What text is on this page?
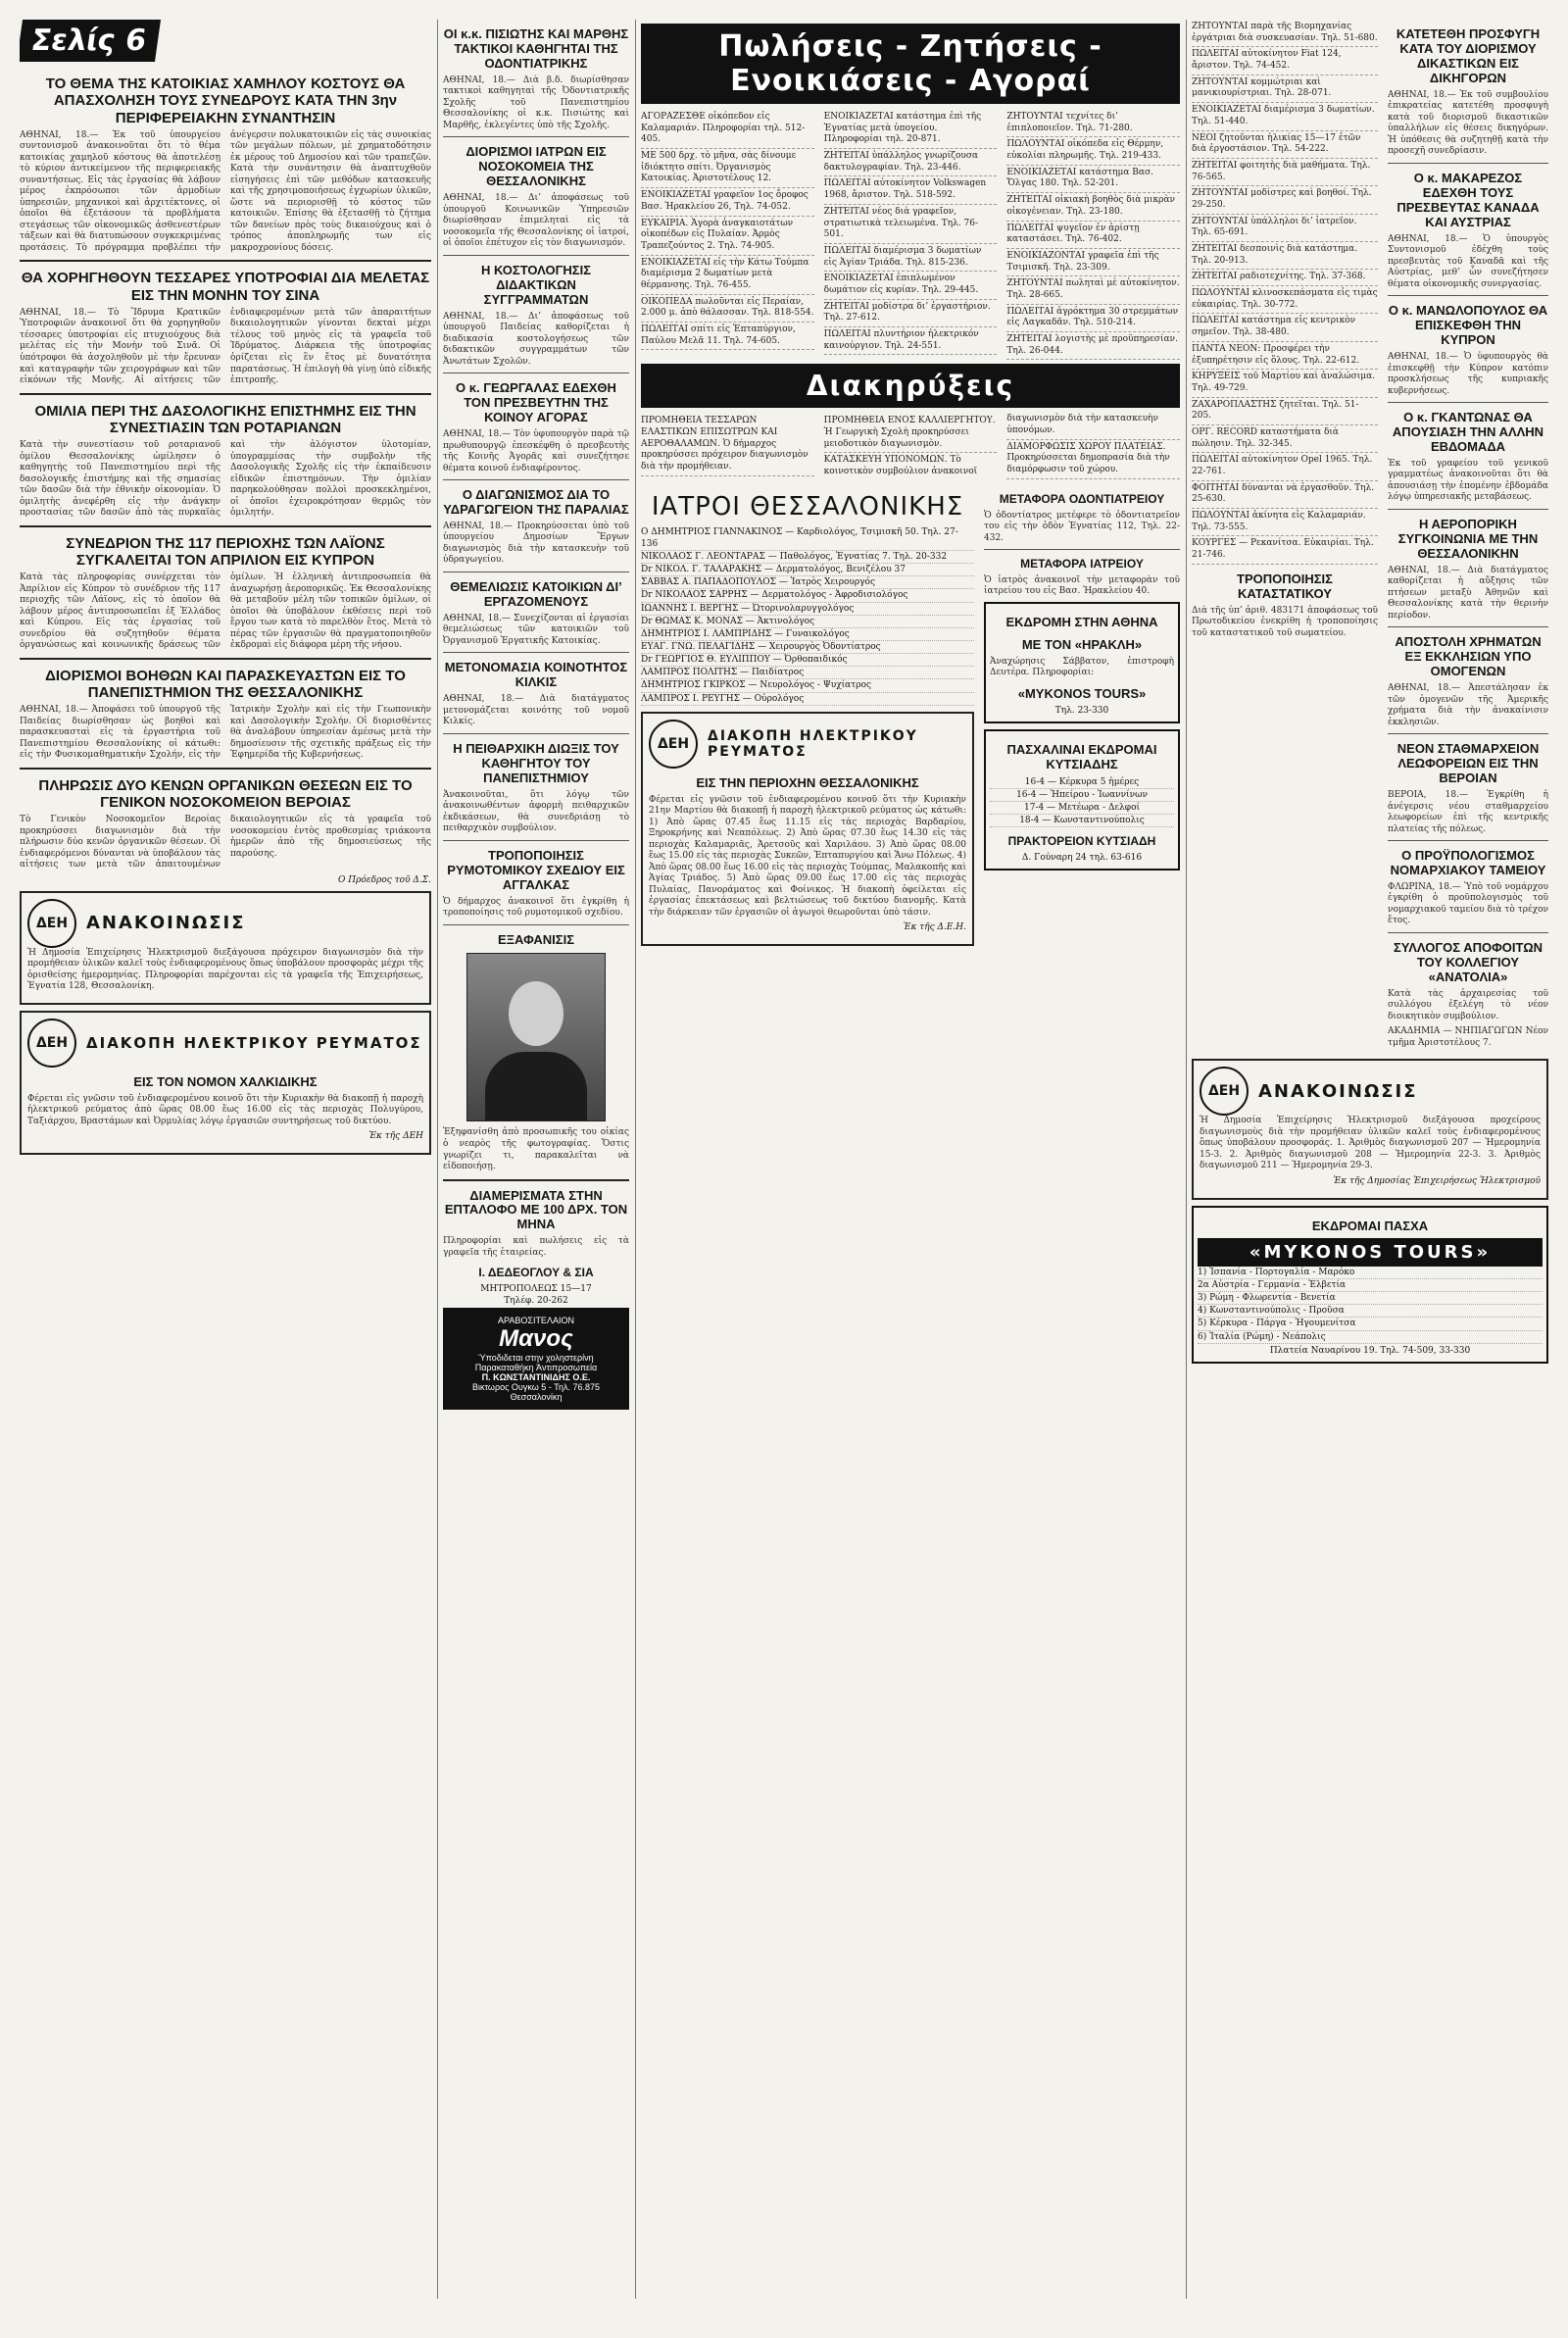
Σελίς 6
ΤΟ ΘΕΜΑ ΤΗΣ ΚΑΤΟΙΚΙΑΣ ΧΑΜΗΛΟΥ ΚΟΣΤΟΥΣ ΘΑ ΑΠΑΣΧΟΛΗΣΗ ΤΟΥΣ ΣΥΝΕΔΡΟΥΣ ΚΑΤΑ ΤΗΝ 3ην ΠΕΡΙΦΕΡΕΙΑΚΗΝ ΣΥΝΑΝΤΗΣΙΝ

ΑΘΗΝΑΙ, 18.— Ἐκ τοῦ ὑπουργείου συντονισμοῦ ἀνακοινοῦται ὅτι τὸ θέμα κατοικίας χαμηλοῦ κόστους θὰ ἀποτελέσῃ τὸ κύριον ἀντικείμενον τῆς περιφερειακῆς συναντήσεως. Εἰς τὰς ἐργασίας θὰ λάβουν μέρος ἐκπρόσωποι τῶν ἀρμοδίων ὑπηρεσιῶν, μηχανικοὶ καὶ ἀρχιτέκτονες, οἱ ὁποῖοι θὰ ἐξετάσουν τὰ προβλήματα στεγάσεως τῶν οἰκονομικῶς ἀσθενεστέρων τάξεων καὶ θὰ διατυπώσουν συγκεκριμένας προτάσεις. Τὸ πρόγραμμα προβλέπει τὴν ἀνέγερσιν πολυκατοικιῶν εἰς τὰς συνοικίας τῶν μεγάλων πόλεων, μὲ χρηματοδότησιν ἐκ μέρους τοῦ Δημοσίου καὶ τῶν τραπεζῶν. Κατὰ τὴν συνάντησιν θὰ ἀναπτυχθοῦν εἰσηγήσεις ἐπὶ τῶν μεθόδων κατασκευῆς καὶ τῆς χρησιμοποιήσεως ἐγχωρίων ὑλικῶν, ὥστε νὰ περιορισθῇ τὸ κόστος τῶν κατοικιῶν. Ἐπίσης θὰ ἐξετασθῇ τὸ ζήτημα τῶν δανείων πρὸς τοὺς δικαιούχους καὶ ὁ τρόπος ἀποπληρωμῆς των εἰς μακροχρονίους δόσεις.

ΘΑ ΧΟΡΗΓΗΘΟΥΝ ΤΕΣΣΑΡΕΣ ΥΠΟΤΡΟΦΙΑΙ ΔΙΑ ΜΕΛΕΤΑΣ ΕΙΣ ΤΗΝ ΜΟΝΗΝ ΤΟΥ ΣΙΝΑ

ΑΘΗΝΑΙ, 18.— Τὸ Ἵδρυμα Κρατικῶν Ὑποτροφιῶν ἀνακοινοῖ ὅτι θὰ χορηγηθοῦν τέσσαρες ὑποτροφίαι εἰς πτυχιούχους διὰ μελέτας εἰς τὴν Μονὴν τοῦ Σινᾶ. Οἱ ὑπότροφοι θὰ ἀσχοληθοῦν μὲ τὴν ἔρευναν καὶ καταγραφὴν τῶν χειρογράφων καὶ τῶν εἰκόνων τῆς Μονῆς. Αἱ αἰτήσεις τῶν ἐνδιαφερομένων μετὰ τῶν ἀπαραιτήτων δικαιολογητικῶν γίνονται δεκταὶ μέχρι τέλους τοῦ μηνὸς εἰς τὰ γραφεῖα τοῦ Ἱδρύματος. Διάρκεια τῆς ὑποτροφίας ὁρίζεται εἰς ἓν ἔτος μὲ δυνατότητα παρατάσεως. Ἡ ἐπιλογὴ θὰ γίνῃ ὑπὸ εἰδικῆς ἐπιτροπῆς.

ΟΜΙΛΙΑ ΠΕΡΙ ΤΗΣ ΔΑΣΟΛΟΓΙΚΗΣ ΕΠΙΣΤΗΜΗΣ ΕΙΣ ΤΗΝ ΣΥΝΕΣΤΙΑΣΙΝ ΤΩΝ ΡΟΤΑΡΙΑΝΩΝ

Κατὰ τὴν συνεστίασιν τοῦ ροταριανοῦ ὁμίλου Θεσσαλονίκης ὡμίλησεν ὁ καθηγητὴς τοῦ Πανεπιστημίου περὶ τῆς δασολογικῆς ἐπιστήμης καὶ τῆς σημασίας τῶν δασῶν διὰ τὴν ἐθνικὴν οἰκονομίαν. Ὁ ὁμιλητὴς ἀνεφέρθη εἰς τὴν ἀνάγκην προστασίας τῶν δασῶν ἀπὸ τὰς πυρκαϊὰς καὶ τὴν ἀλόγιστον ὑλοτομίαν, ὑπογραμμίσας τὴν συμβολὴν τῆς Δασολογικῆς Σχολῆς εἰς τὴν ἐκπαίδευσιν εἰδικῶν ἐπιστημόνων. Τὴν ὁμιλίαν παρηκολούθησαν πολλοὶ προσκεκλημένοι, οἱ ὁποῖοι ἐχειροκρότησαν θερμῶς τὸν ὁμιλητήν.

ΣΥΝΕΔΡΙΟΝ ΤΗΣ 117 ΠΕΡΙΟΧΗΣ ΤΩΝ ΛΑΪΟΝΣ ΣΥΓΚΑΛΕΙΤΑΙ ΤΟΝ ΑΠΡΙΛΙΟΝ ΕΙΣ ΚΥΠΡΟΝ

Κατὰ τὰς πληροφορίας συνέρχεται τὸν Ἀπρίλιον εἰς Κύπρον τὸ συνέδριον τῆς 117 περιοχῆς τῶν Λάϊονς, εἰς τὸ ὁποῖον θὰ λάβουν μέρος ἀντιπροσωπεῖαι ἐξ Ἑλλάδος καὶ Κύπρου. Εἰς τὰς ἐργασίας τοῦ συνεδρίου θὰ συζητηθοῦν θέματα ὀργανώσεως καὶ κοινωνικῆς δράσεως τῶν ὁμίλων. Ἡ ἑλληνικὴ ἀντιπροσωπεία θὰ ἀναχωρήσῃ ἀεροπορικῶς. Ἐκ Θεσσαλονίκης θὰ μεταβοῦν μέλη τῶν τοπικῶν ὁμίλων, οἱ ὁποῖοι θὰ ὑποβάλουν ἐκθέσεις περὶ τοῦ ἔργου των κατὰ τὸ παρελθὸν ἔτος. Μετὰ τὸ πέρας τῶν ἐργασιῶν θὰ πραγματοποιηθοῦν ἐκδρομαὶ εἰς διάφορα μέρη τῆς νήσου.

ΔΙΟΡΙΣΜΟΙ ΒΟΗΘΩΝ ΚΑΙ ΠΑΡΑΣΚΕΥΑΣΤΩΝ ΕΙΣ ΤΟ ΠΑΝΕΠΙΣΤΗΜΙΟΝ ΤΗΣ ΘΕΣΣΑΛΟΝΙΚΗΣ

ΑΘΗΝΑΙ, 18.— Ἀποφάσει τοῦ ὑπουργοῦ τῆς Παιδείας διωρίσθησαν ὡς βοηθοὶ καὶ παρασκευασταὶ εἰς τὰ ἐργαστήρια τοῦ Πανεπιστημίου Θεσσαλονίκης οἱ κάτωθι: εἰς τὴν Φυσικομαθηματικὴν Σχολήν, εἰς τὴν Ἰατρικὴν Σχολὴν καὶ εἰς τὴν Γεωπονικὴν καὶ Δασολογικὴν Σχολήν. Οἱ διορισθέντες θὰ ἀναλάβουν ὑπηρεσίαν ἀμέσως μετὰ τὴν δημοσίευσιν τῆς σχετικῆς πράξεως εἰς τὴν Ἐφημερίδα τῆς Κυβερνήσεως.

ΠΛΗΡΩΣΙΣ ΔΥΟ ΚΕΝΩΝ ΟΡΓΑΝΙΚΩΝ ΘΕΣΕΩΝ ΕΙΣ ΤΟ ΓΕΝΙΚΟΝ ΝΟΣΟΚΟΜΕΙΟΝ ΒΕΡΟΙΑΣ

Τὸ Γενικὸν Νοσοκομεῖον Βεροίας προκηρύσσει διαγωνισμὸν διὰ τὴν πλήρωσιν δύο κενῶν ὀργανικῶν θέσεων. Οἱ ἐνδιαφερόμενοι δύνανται νὰ ὑποβάλουν τὰς αἰτήσεις των μετὰ τῶν ἀπαιτουμένων δικαιολογητικῶν εἰς τὰ γραφεῖα τοῦ νοσοκομείου ἐντὸς προθεσμίας τριάκοντα ἡμερῶν ἀπὸ τῆς δημοσιεύσεως τῆς παρούσης.

Ο Πρόεδρος τοῦ Δ.Σ.
ΔΕΗ	ΑΝΑΚΟΙΝΩΣΙΣ

Ἡ Δημοσία Ἐπιχείρησις Ἠλεκτρισμοῦ διεξάγουσα πρόχειρον διαγωνισμὸν διὰ τὴν προμήθειαν ὑλικῶν καλεῖ τοὺς ἐνδιαφερομένους ὅπως ὑποβάλουν προσφορὰς μέχρι τῆς ὁρισθείσης ἡμερομηνίας. Πληροφορίαι παρέχονται εἰς τὰ γραφεῖα τῆς Ἐπιχειρήσεως, Ἐγνατία 128, Θεσσαλονίκη.

ΔΕΗ	ΔΙΑΚΟΠΗ ΗΛΕΚΤΡΙΚΟΥ ΡΕΥΜΑΤΟΣ
ΕΙΣ ΤΟΝ ΝΟΜΟΝ ΧΑΛΚΙΔΙΚΗΣ

Φέρεται εἰς γνῶσιν τοῦ ἐνδιαφερομένου κοινοῦ ὅτι τὴν Κυριακὴν θὰ διακοπῇ ἡ παροχὴ ἠλεκτρικοῦ ρεύματος ἀπὸ ὥρας 08.00 ἕως 16.00 εἰς τὰς περιοχὰς Πολυγύρου, Ταξιάρχου, Βραστάμων καὶ Ὀρμυλίας λόγῳ ἐργασιῶν συντηρήσεως τοῦ δικτύου.

Ἐκ τῆς ΔΕΗ
ΟΙ κ.κ. ΠΙΣΙΩΤΗΣ ΚΑΙ ΜΑΡΘΗΣ ΤΑΚΤΙΚΟΙ ΚΑΘΗΓΗΤΑΙ ΤΗΣ ΟΔΟΝΤΙΑΤΡΙΚΗΣ

ΑΘΗΝΑΙ, 18.— Διὰ β.δ. διωρίσθησαν τακτικοὶ καθηγηταὶ τῆς Ὀδοντιατρικῆς Σχολῆς τοῦ Πανεπιστημίου Θεσσαλονίκης οἱ κ.κ. Πισιώτης καὶ Μαρθῆς, ἐκλεγέντες ὑπὸ τῆς Σχολῆς.

ΔΙΟΡΙΣΜΟΙ ΙΑΤΡΩΝ ΕΙΣ ΝΟΣΟΚΟΜΕΙΑ ΤΗΣ ΘΕΣΣΑΛΟΝΙΚΗΣ

ΑΘΗΝΑΙ, 18.— Δι’ ἀποφάσεως τοῦ ὑπουργοῦ Κοινωνικῶν Ὑπηρεσιῶν διωρίσθησαν ἐπιμεληταὶ εἰς τὰ νοσοκομεῖα τῆς Θεσσαλονίκης οἱ ἰατροί, οἱ ὁποῖοι ἐπέτυχον εἰς τὸν διαγωνισμόν.

Η ΚΟΣΤΟΛΟΓΗΣΙΣ ΔΙΔΑΚΤΙΚΩΝ ΣΥΓΓΡΑΜΜΑΤΩΝ

ΑΘΗΝΑΙ, 18.— Δι’ ἀποφάσεως τοῦ ὑπουργοῦ Παιδείας καθορίζεται ἡ διαδικασία κοστολογήσεως τῶν διδακτικῶν συγγραμμάτων τῶν Ἀνωτάτων Σχολῶν.

Ο κ. ΓΕΩΡΓΑΛΑΣ ΕΔΕΧΘΗ ΤΟΝ ΠΡΕΣΒΕΥΤΗΝ ΤΗΣ ΚΟΙΝΟΥ ΑΓΟΡΑΣ

ΑΘΗΝΑΙ, 18.— Τὸν ὑφυπουργὸν παρὰ τῷ πρωθυπουργῷ ἐπεσκέφθη ὁ πρεσβευτὴς τῆς Κοινῆς Ἀγορᾶς καὶ συνεζήτησε θέματα κοινοῦ ἐνδιαφέροντος.

Ο ΔΙΑΓΩΝΙΣΜΟΣ ΔΙΑ ΤΟ ΥΔΡΑΓΩΓΕΙΟΝ ΤΗΣ ΠΑΡΑΛΙΑΣ

ΑΘΗΝΑΙ, 18.— Προκηρύσσεται ὑπὸ τοῦ ὑπουργείου Δημοσίων Ἔργων διαγωνισμὸς διὰ τὴν κατασκευὴν τοῦ ὑδραγωγείου.

ΘΕΜΕΛΙΩΣΙΣ ΚΑΤΟΙΚΙΩΝ ΔΙ’ ΕΡΓΑΖΟΜΕΝΟΥΣ

ΑΘΗΝΑΙ, 18.— Συνεχίζονται αἱ ἐργασίαι θεμελιώσεως τῶν κατοικιῶν τοῦ Ὀργανισμοῦ Ἐργατικῆς Κατοικίας.

ΜΕΤΟΝΟΜΑΣΙΑ ΚΟΙΝΟΤΗΤΟΣ ΚΙΛΚΙΣ

ΑΘΗΝΑΙ, 18.— Διὰ διατάγματος μετονομάζεται κοινότης τοῦ νομοῦ Κιλκίς.

Η ΠΕΙΘΑΡΧΙΚΗ ΔΙΩΞΙΣ ΤΟΥ ΚΑΘΗΓΗΤΟΥ ΤΟΥ ΠΑΝΕΠΙΣΤΗΜΙΟΥ

Ἀνακοινοῦται, ὅτι λόγῳ τῶν ἀνακοινωθέντων ἀφορμὴ πειθαρχικῶν ἐκδικάσεων, θὰ συνεδριάσῃ τὸ πειθαρχικὸν συμβούλιον.

ΤΡΟΠΟΠΟΙΗΣΙΣ ΡΥΜΟΤΟΜΙΚΟΥ ΣΧΕΔΙΟΥ ΕΙΣ ΑΓΓΑΛΚΑΣ

Ὁ δήμαρχος ἀνακοινοῖ ὅτι ἐγκρίθη ἡ τροποποίησις τοῦ ρυμοτομικοῦ σχεδίου.

ΕΞΑΦΑΝΙΣΙΣ

Ἐξηφανίσθη ἀπὸ προσωπικῆς του οἰκίας ὁ νεαρὸς τῆς φωτογραφίας. Ὅστις γνωρίζει τι, παρακαλεῖται νὰ εἰδοποιήσῃ.

ΔΙΑΜΕΡΙΣΜΑΤΑ ΣΤΗΝ ΕΠΤΑΛΟΦΟ ΜΕ 100 ΔΡΧ. ΤΟΝ ΜΗΝΑ

Πληροφορίαι καὶ πωλήσεις εἰς τὰ γραφεῖα τῆς ἑταιρείας.

Ι. ΔΕΔΕΟΓΛΟΥ & ΣΙΑ
ΜΗΤΡΟΠΟΛΕΩΣ 15—17
Τηλέφ. 20-262
ΑΡΑΒΟΣΙΤΕΛΑΙΟΝ
Μανος
Ὑποδιδεται στην χοληστερίνη
Παρακαταθήκη Ἀντιπροσωπεία
Π. ΚΩΝΣΤΑΝΤΙΝΙΔΗΣ Ο.Ε.
Βικτωρος Ουγκω 5 - Τηλ. 76.875
Θεσσαλονίκη
Πωλήσεις - Ζητήσεις - Ενοικιάσεις - Αγοραί
ΑΓΟΡΑΖΕΣΘΕ οἰκόπεδον εἰς Καλαμαριάν. Πληροφορίαι τηλ. 512-405.
ΜΕ 500 δρχ. τὸ μῆνα, σὰς δίνουμε ἰδιόκτητο σπίτι. Ὀργανισμὸς Κατοικίας. Ἀριστοτέλους 12.
ΕΝΟΙΚΙΑΖΕΤΑΙ γραφεῖον 1ος ὄροφος Βασ. Ἡρακλείου 26, Τηλ. 74-052.
ΕΥΚΑΙΡΙΑ. Ἀγορὰ ἀναγκαιοτάτων οἰκοπέδων εἰς Πυλαίαν. Ἀρμὸς Τραπεζούντος 2. Τηλ. 74-905.
ΕΝΟΙΚΙΑΖΕΤΑΙ εἰς τὴν Κάτω Τούμπα διαμέρισμα 2 δωματίων μετὰ θέρμανσης. Τηλ. 76-455.
ΟΙΚΟΠΕΔΑ πωλοῦνται εἰς Περαίαν, 2.000 μ. ἀπὸ θάλασσαν. Τηλ. 818-554.
ΠΩΛΕΙΤΑΙ σπίτι εἰς Ἐπταπύργιον, Παύλου Μελᾶ 11. Τηλ. 74-605.
ΕΝΟΙΚΙΑΖΕΤΑΙ κατάστημα ἐπὶ τῆς Ἐγνατίας μετὰ ὑπογείου. Πληροφορίαι τηλ. 20-871.
ΖΗΤΕΙΤΑΙ ὑπάλληλος γνωρίζουσα δακτυλογραφίαν. Τηλ. 23-446.
ΠΩΛΕΙΤΑΙ αὐτοκίνητον Volkswagen 1968, ἄριστον. Τηλ. 518-592.
ΖΗΤΕΙΤΑΙ νέος διὰ γραφεῖον, στρατιωτικὰ τελειωμένα. Τηλ. 76-501.
ΠΩΛΕΙΤΑΙ διαμέρισμα 3 δωματίων εἰς Ἁγίαν Τριάδα. Τηλ. 815-236.
ΕΝΟΙΚΙΑΖΕΤΑΙ ἐπιπλωμένον δωμάτιον εἰς κυρίαν. Τηλ. 29-445.
ΖΗΤΕΙΤΑΙ μοδίστρα δι’ ἐργαστήριον. Τηλ. 27-612.
ΠΩΛΕΙΤΑΙ πλυντήριον ἠλεκτρικόν καινούργιον. Τηλ. 24-551.
ΖΗΤΟΥΝΤΑΙ τεχνίτες δι’ ἐπιπλοποιεῖον. Τηλ. 71-280.
ΠΩΛΟΥΝΤΑΙ οἰκόπεδα εἰς Θέρμην, εὐκολίαι πληρωμῆς. Τηλ. 219-433.
ΕΝΟΙΚΙΑΖΕΤΑΙ κατάστημα Βασ. Ὄλγας 180. Τηλ. 52-201.
ΖΗΤΕΙΤΑΙ οἰκιακὴ βοηθὸς διὰ μικρὰν οἰκογένειαν. Τηλ. 23-180.
ΠΩΛΕΙΤΑΙ ψυγεῖον ἐν ἀρίστῃ καταστάσει. Τηλ. 76-402.
ΕΝΟΙΚΙΑΖΟΝΤΑΙ γραφεῖα ἐπὶ τῆς Τσιμισκῆ. Τηλ. 23-309.
ΖΗΤΟΥΝΤΑΙ πωληταὶ μὲ αὐτοκίνητον. Τηλ. 28-665.
ΠΩΛΕΙΤΑΙ ἀγρόκτημα 30 στρεμμάτων εἰς Λαγκαδᾶν. Τηλ. 510-214.
ΖΗΤΕΙΤΑΙ λογιστὴς μὲ προϋπηρεσίαν. Τηλ. 26-044.
Διακηρύξεις
ΠΡΟΜΗΘΕΙΑ ΤΕΣΣΑΡΩΝ ΕΛΑΣΤΙΚΩΝ ΕΠΙΣΩΤΡΩΝ ΚΑΙ ΑΕΡΟΘΑΛΑΜΩΝ. Ὁ δήμαρχος προκηρύσσει πρόχειρον διαγωνισμὸν διὰ τὴν προμήθειαν.
ΠΡΟΜΗΘΕΙΑ ΕΝΟΣ ΚΑΛΛΙΕΡΓΗΤΟΥ. Ἡ Γεωργικὴ Σχολὴ προκηρύσσει μειοδοτικὸν διαγωνισμὸν.
ΚΑΤΑΣΚΕΥΗ ΥΠΟΝΟΜΩΝ. Τὸ κοινοτικὸν συμβούλιον ἀνακοινοῖ διαγωνισμὸν διὰ τὴν κατασκευὴν ὑπονόμων.
ΔΙΑΜΟΡΦΩΣΙΣ ΧΩΡΟΥ ΠΛΑΤΕΙΑΣ. Προκηρύσσεται δημοπρασία διὰ τὴν διαμόρφωσιν τοῦ χώρου.
ΙΑΤΡΟΙ ΘΕΣΣΑΛΟΝΙΚΗΣ
Ο ΔΗΜΗΤΡΙΟΣ ΓΙΑΝΝΑΚΙΝΟΣ — Καρδιολόγος, Τσιμισκῆ 50. Τηλ. 27-136
ΝΙΚΟΛΑΟΣ Γ. ΛΕΟΝΤΑΡΑΣ — Παθολόγος, Ἐγνατίας 7. Τηλ. 20-332
Dr ΝΙΚΟΛ. Γ. ΤΑΛΑΡΑΚΗΣ — Δερματολόγος, Βενιζέλου 37
ΣΑΒΒΑΣ Α. ΠΑΠΑΔΟΠΟΥΛΟΣ — Ἰατρὸς Χειρουργός
Dr ΝΙΚΟΛΑΟΣ ΣΑΡΡΗΣ — Δερματολόγος - Ἀφροδισιολόγος
ΙΩΑΝΝΗΣ Ι. ΒΕΡΓΗΣ — Ὠτορινολαρυγγολόγος
Dr ΘΩΜΑΣ Κ. ΜΟΝΑΣ — Ἀκτινολόγος
ΔΗΜΗΤΡΙΟΣ Ι. ΛΑΜΠΡΙΔΗΣ — Γυναικολόγος
ΕΥΑΓ. ΓΝΩ. ΠΕΛΑΓΙΔΗΣ — Χειρουργὸς Ὀδοντίατρος
Dr ΓΕΩΡΓΙΟΣ Θ. ΕΥΛΙΠΠΟΥ — Ὀρθοπαιδικός
ΛΑΜΠΡΟΣ ΠΟΛΙΤΗΣ — Παιδίατρος
ΔΗΜΗΤΡΙΟΣ ΓΚΙΡΚΟΣ — Νευρολόγος - Ψυχίατρος
ΛΑΜΠΡΟΣ Ι. ΡΕΥΓΗΣ — Οὐρολόγος
ΔΕΗ	ΔΙΑΚΟΠΗ ΗΛΕΚΤΡΙΚΟΥ ΡΕΥΜΑΤΟΣ
ΕΙΣ ΤΗΝ ΠΕΡΙΟΧΗΝ ΘΕΣΣΑΛΟΝΙΚΗΣ

Φέρεται εἰς γνῶσιν τοῦ ἐνδιαφερομένου κοινοῦ ὅτι τὴν Κυριακὴν 21ην Μαρτίου θὰ διακοπῇ ἡ παροχὴ ἠλεκτρικοῦ ρεύματος ὡς κάτωθι: 1) Ἀπὸ ὥρας 07.45 ἕως 11.15 εἰς τὰς περιοχὰς Βαρδαρίου, Ξηροκρήνης καὶ Νεαπόλεως. 2) Ἀπὸ ὥρας 07.30 ἕως 14.30 εἰς τὰς περιοχὰς Καλαμαριᾶς, Ἀρετσοῦς καὶ Χαριλάου. 3) Ἀπὸ ὥρας 08.00 ἕως 15.00 εἰς τὰς περιοχὰς Συκεῶν, Ἐπταπυργίου καὶ Ἄνω Πόλεως. 4) Ἀπὸ ὥρας 08.00 ἕως 16.00 εἰς τὰς περιοχὰς Τούμπας, Μαλακοπῆς καὶ Ἁγίας Τριάδος. 5) Ἀπὸ ὥρας 09.00 ἕως 17.00 εἰς τὰς περιοχὰς Πυλαίας, Πανοράματος καὶ Φοίνικος. Ἡ διακοπὴ ὀφείλεται εἰς ἐργασίας ἐπεκτάσεως καὶ βελτιώσεως τοῦ δικτύου διανομῆς. Κατὰ τὴν διάρκειαν τῶν ἐργασιῶν οἱ ἀγωγοὶ θεωροῦνται ὑπὸ τάσιν.

Ἐκ τῆς Δ.Ε.Η.
ΜΕΤΑΦΟΡΑ ΟΔΟΝΤΙΑΤΡΕΙΟΥ

Ὁ ὀδοντίατρος μετέφερε τὸ ὀδοντιατρεῖον του εἰς τὴν ὁδὸν Ἐγνατίας 112, Τηλ. 22-432.

ΜΕΤΑΦΟΡΑ ΙΑΤΡΕΙΟΥ

Ὁ ἰατρὸς ἀνακοινοῖ τὴν μεταφορὰν τοῦ ἰατρείου του εἰς Βασ. Ἡρακλείου 40.

ΕΚΔΡΟΜΗ ΣΤΗΝ ΑΘΗΝΑ
ΜΕ ΤΟΝ «ΗΡΑΚΛΗ»

Ἀναχώρησις Σάββατον, ἐπιστροφὴ Δευτέρα. Πληροφορίαι:

«MYKONOS TOURS»
Τηλ. 23-330
ΠΑΣΧΑΛΙΝΑΙ ΕΚΔΡΟΜΑΙ ΚΥΤΣΙΑΔΗΣ
16-4 — Κέρκυρα 5 ἡμέρες
16-4 — Ἠπείρου - Ἰωαννίνων
17-4 — Μετέωρα - Δελφοί
18-4 — Κωνσταντινούπολις
ΠΡΑΚΤΟΡΕΙΟΝ ΚΥΤΣΙΑΔΗ
Δ. Γούναρη 24 τηλ. 63-616
ΖΗΤΟΥΝΤΑΙ παρὰ τῆς Βιομηχανίας ἐργάτριαι διὰ συσκευασίαν. Τηλ. 51-680.
ΠΩΛΕΙΤΑΙ αὐτοκίνητον Fiat 124, ἄριστον. Τηλ. 74-452.
ΖΗΤΟΥΝΤΑΙ κομμώτριαι καὶ μανικιουρίστριαι. Τηλ. 28-071.
ΕΝΟΙΚΙΑΖΕΤΑΙ διαμέρισμα 3 δωματίων. Τηλ. 51-440.
ΝΕΟΙ ζητοῦνται ἡλικίας 15—17 ἐτῶν διὰ ἐργοστάσιον. Τηλ. 54-222.
ΖΗΤΕΙΤΑΙ φοιτητὴς διὰ μαθήματα. Τηλ. 76-565.
ΖΗΤΟΥΝΤΑΙ μοδίστρες καὶ βοηθοί. Τηλ. 29-250.
ΖΗΤΟΥΝΤΑΙ ὑπάλληλοι δι’ ἰατρεῖον. Τηλ. 65-691.
ΖΗΤΕΙΤΑΙ δεσποινὶς διὰ κατάστημα. Τηλ. 20-913.
ΖΗΤΕΙΤΑΙ ραδιοτεχνίτης. Τηλ. 37-368.
ΠΩΛΟΥΝΤΑΙ κλινοσκεπάσματα εἰς τιμὰς εὐκαιρίας. Τηλ. 30-772.
ΠΩΛΕΙΤΑΙ κατάστημα εἰς κεντρικὸν σημεῖον. Τηλ. 38-480.
ΠΑΝΤΑ ΝΕΟΝ: Προσφέρει τὴν ἐξυπηρέτησιν εἰς ὅλους. Τηλ. 22-612.
ΚΗΡΥΞΕΙΣ τοῦ Μαρτίου καὶ ἀναλώσιμα. Τηλ. 49-729.
ΖΑΧΑΡΟΠΛΑΣΤΗΣ ζητεῖται. Τηλ. 51-205.
ΟΡΓ. RECORD καταστήματα διὰ πώλησιν. Τηλ. 32-345.
ΠΩΛΕΙΤΑΙ αὐτοκίνητον Opel 1965. Τηλ. 22-761.
ΦΟΙΤΗΤΑΙ δύνανται νὰ ἐργασθοῦν. Τηλ. 25-630.
ΠΩΛΟΥΝΤΑΙ ἀκίνητα εἰς Καλαμαριάν. Τηλ. 73-555.
ΚΟΥΡΓΕΣ — Ρεκανίτσα. Εὐκαιρίαι. Τηλ. 21-746.
ΤΡΟΠΟΠΟΙΗΣΙΣ ΚΑΤΑΣΤΑΤΙΚΟΥ

Διὰ τῆς ὑπ’ ἀριθ. 483171 ἀποφάσεως τοῦ Πρωτοδικείου ἐνεκρίθη ἡ τροποποίησις τοῦ καταστατικοῦ τοῦ σωματείου.

ΚΑΤΕΤΕΘΗ ΠΡΟΣΦΥΓΗ ΚΑΤΑ ΤΟΥ ΔΙΟΡΙΣΜΟΥ ΔΙΚΑΣΤΙΚΩΝ ΕΙΣ ΔΙΚΗΓΟΡΩΝ

ΑΘΗΝΑΙ, 18.— Ἐκ τοῦ συμβουλίου ἐπικρατείας κατετέθη προσφυγὴ κατὰ τοῦ διορισμοῦ δικαστικῶν ὑπαλλήλων εἰς θέσεις δικηγόρων. Ἡ ὑπόθεσις θὰ συζητηθῇ κατὰ τὴν προσεχῆ συνεδρίασιν.

Ο κ. ΜΑΚΑΡΕΖΟΣ ΕΔΕΧΘΗ ΤΟΥΣ ΠΡΕΣΒΕΥΤΑΣ ΚΑΝΑΔΑ ΚΑΙ ΑΥΣΤΡΙΑΣ

ΑΘΗΝΑΙ, 18.— Ὁ ὑπουργὸς Συντονισμοῦ ἐδέχθη τοὺς πρεσβευτὰς τοῦ Καναδᾶ καὶ τῆς Αὐστρίας, μεθ’ ὧν συνεζήτησεν θέματα οἰκονομικῆς συνεργασίας.

Ο κ. ΜΑΝΩΛΟΠΟΥΛΟΣ ΘΑ ΕΠΙΣΚΕΦΘΗ ΤΗΝ ΚΥΠΡΟΝ

ΑΘΗΝΑΙ, 18.— Ὁ ὑφυπουργὸς θὰ ἐπισκεφθῇ τὴν Κύπρον κατόπιν προσκλήσεως τῆς κυπριακῆς κυβερνήσεως.

Ο κ. ΓΚΑΝΤΩΝΑΣ ΘΑ ΑΠΟΥΣΙΑΣΗ ΤΗΝ ΑΛΛΗΝ ΕΒΔΟΜΑΔΑ

Ἐκ τοῦ γραφείου τοῦ γενικοῦ γραμματέως ἀνακοινοῦται ὅτι θὰ ἀπουσιάσῃ τὴν ἑπομένην ἑβδομάδα λόγῳ ὑπηρεσιακῆς μεταβάσεως.

Η ΑΕΡΟΠΟΡΙΚΗ ΣΥΓΚΟΙΝΩΝΙΑ ΜΕ ΤΗΝ ΘΕΣΣΑΛΟΝΙΚΗΝ

ΑΘΗΝΑΙ, 18.— Διὰ διατάγματος καθορίζεται ἡ αὔξησις τῶν πτήσεων μεταξὺ Ἀθηνῶν καὶ Θεσσαλονίκης κατὰ τὴν θερινὴν περίοδον.

ΑΠΟΣΤΟΛΗ ΧΡΗΜΑΤΩΝ ΕΞ ΕΚΚΛΗΣΙΩΝ ΥΠΟ ΟΜΟΓΕΝΩΝ

ΑΘΗΝΑΙ, 18.— Ἀπεστάλησαν ἐκ τῶν ὁμογενῶν τῆς Ἀμερικῆς χρήματα διὰ τὴν ἀνακαίνισιν ἐκκλησιῶν.

ΝΕΟΝ ΣΤΑΘΜΑΡΧΕΙΟΝ ΛΕΩΦΟΡΕΙΩΝ ΕΙΣ ΤΗΝ ΒΕΡΟΙΑΝ

ΒΕΡΟΙΑ, 18.— Ἐγκρίθη ἡ ἀνέγερσις νέου σταθμαρχείου λεωφορείων ἐπὶ τῆς κεντρικῆς πλατείας τῆς πόλεως.

Ο ΠΡΟΫΠΟΛΟΓΙΣΜΟΣ ΝΟΜΑΡΧΙΑΚΟΥ ΤΑΜΕΙΟΥ

ΦΛΩΡΙΝΑ, 18.— Ὑπὸ τοῦ νομάρχου ἐγκρίθη ὁ προϋπολογισμὸς τοῦ νομαρχιακοῦ ταμείου διὰ τὸ τρέχον ἔτος.

ΣΥΛΛΟΓΟΣ ΑΠΟΦΟΙΤΩΝ ΤΟΥ ΚΟΛΛΕΓΙΟΥ «ΑΝΑΤΟΛΙΑ»

Κατὰ τὰς ἀρχαιρεσίας τοῦ συλλόγου ἐξελέγη τὸ νέον διοικητικὸν συμβούλιον.

ΑΚΑΔΗΜΙΑ — ΝΗΠΙΑΓΩΓΩΝ Νέον τμῆμα Ἀριστοτέλους 7.

ΔΕΗ	ΑΝΑΚΟΙΝΩΣΙΣ

Ἡ Δημοσία Ἐπιχείρησις Ἠλεκτρισμοῦ διεξάγουσα προχείρους διαγωνισμοὺς διὰ τὴν προμήθειαν ὑλικῶν καλεῖ τοὺς ἐνδιαφερομένους ὅπως ὑποβάλουν προσφοράς. 1. Ἀριθμὸς διαγωνισμοῦ 207 — Ἡμερομηνία 15-3. 2. Ἀριθμὸς διαγωνισμοῦ 208 — Ἡμερομηνία 22-3. 3. Ἀριθμὸς διαγωνισμοῦ 211 — Ἡμερομηνία 29-3.

Ἐκ τῆς Δημοσίας Ἐπιχειρήσεως Ἠλεκτρισμοῦ
ΕΚΔΡΟΜΑΙ ΠΑΣΧΑ
«MYKONOS TOURS»
1) Ἰσπανία - Πορτογαλία - Μαρόκο
2α Αὐστρία - Γερμανία - Ἑλβετία
3) Ρώμη - Φλωρεντία - Βενετία
4) Κωνσταντινούπολις - Προῦσα
5) Κέρκυρα - Πάργα - Ἠγουμενίτσα
6) Ἰταλία (Ρώμη) - Νεάπολις
Πλατεία Ναυαρίνου 19. Τηλ. 74-509, 33-330
